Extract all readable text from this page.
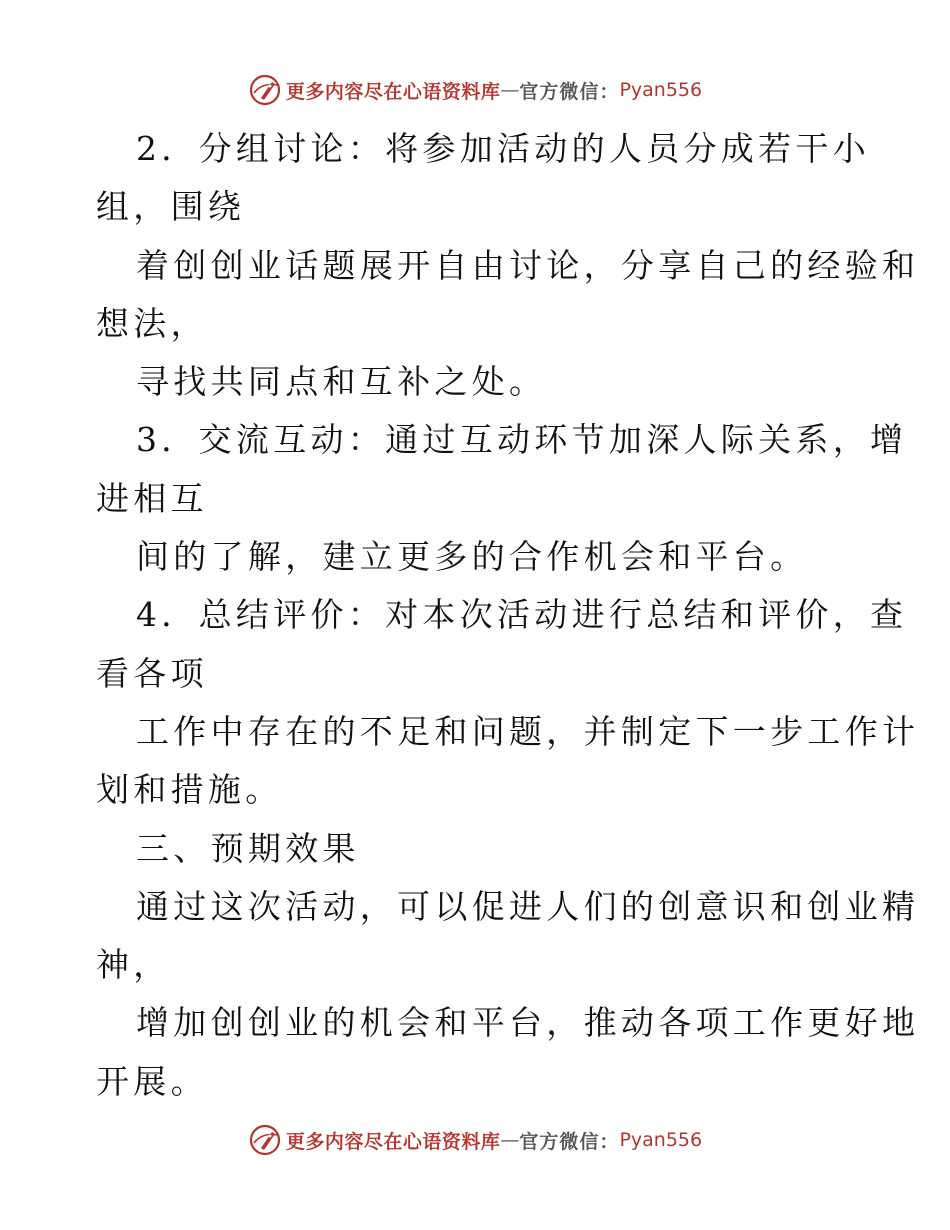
更多内容尽在心语资料库 — 官方微信： Pyan556
2．分组讨论：将参加活动的人员分成若干小
组，围绕
着创创业话题展开自由讨论，分享自己的经验和
想法，
寻找共同点和互补之处。
3．交流互动：通过互动环节加深人际关系，增
进相互
间的了解，建立更多的合作机会和平台。
4．总结评价：对本次活动进行总结和评价，查
看各项
工作中存在的不足和问题，并制定下一步工作计
划和措施。
三、预期效果
通过这次活动，可以促进人们的创意识和创业精
神，
增加创创业的机会和平台，推动各项工作更好地
开展。
更多内容尽在心语资料库 — 官方微信： Pyan556
